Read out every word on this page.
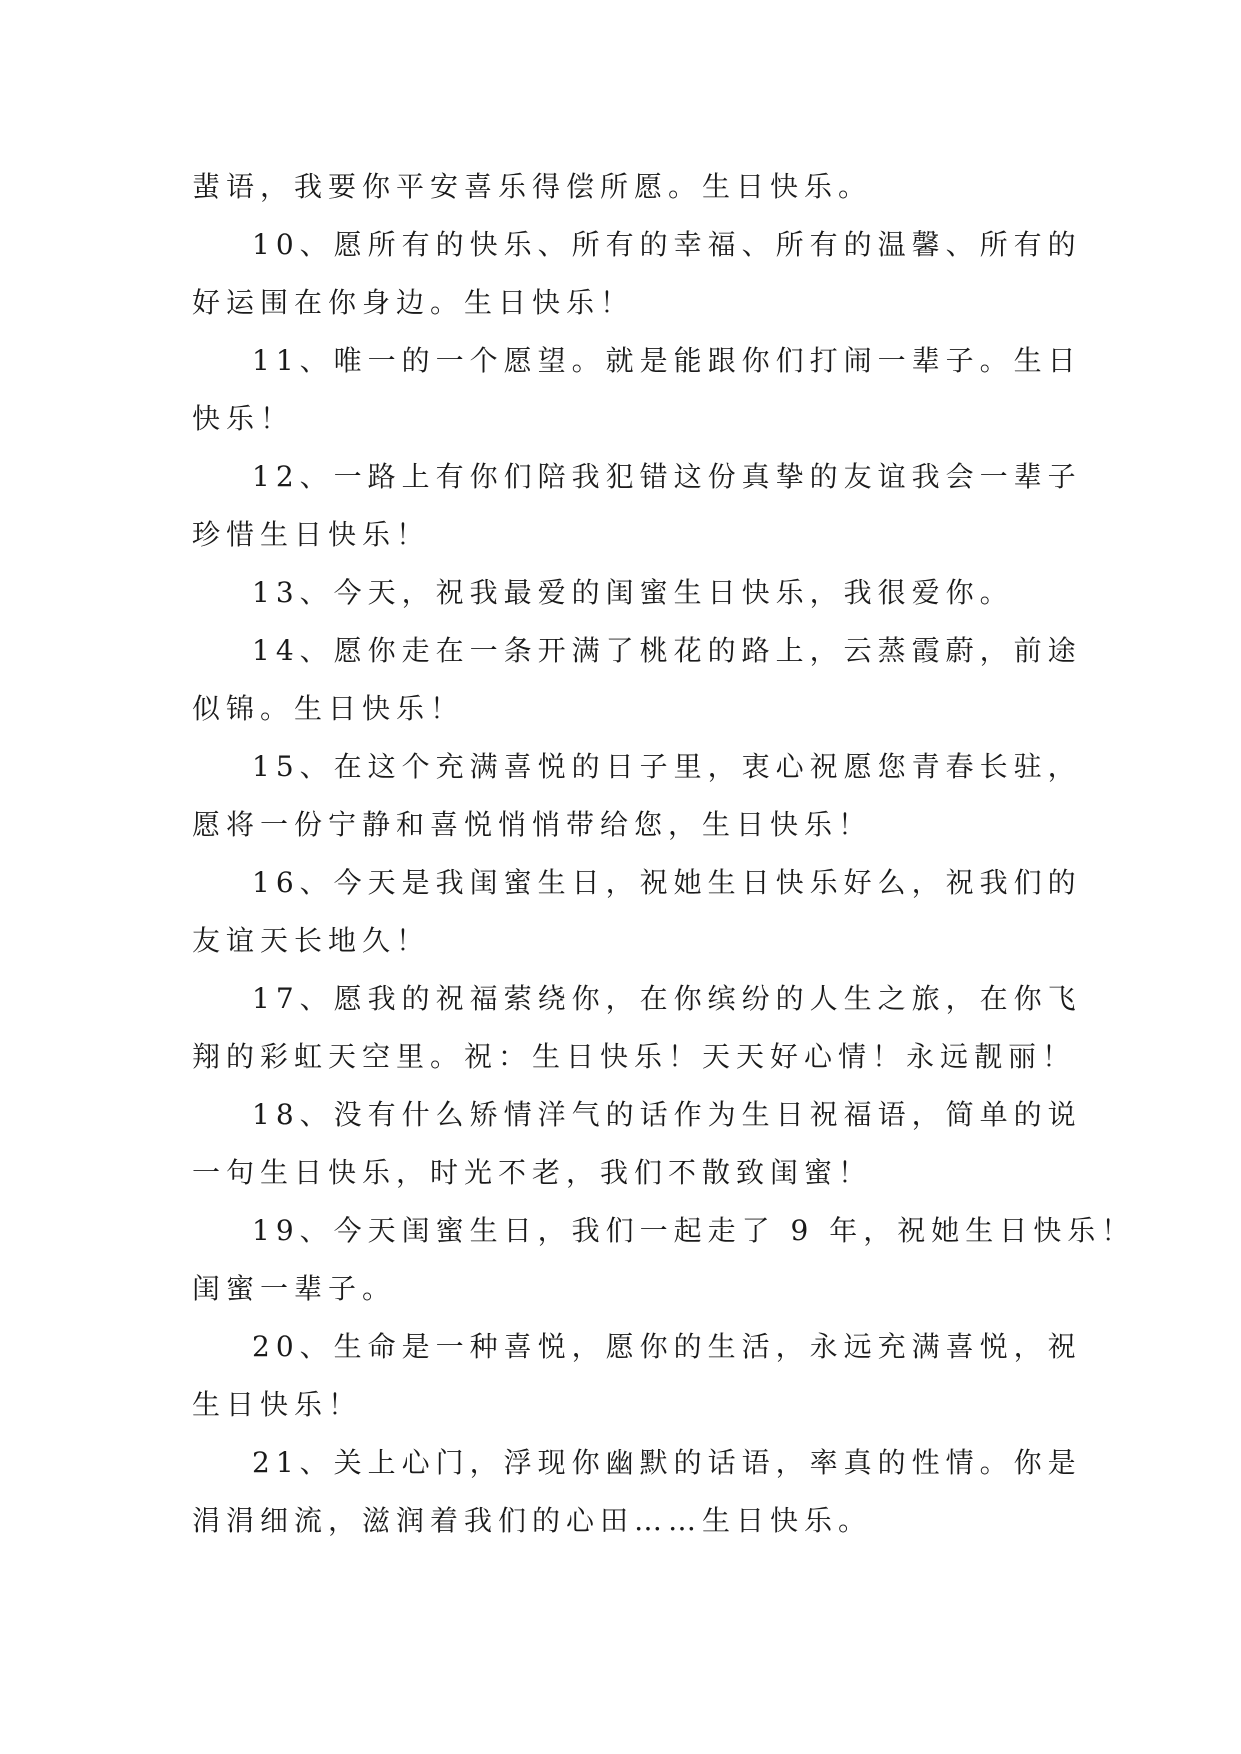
蜚语，我要你平安喜乐得偿所愿。生日快乐。
10、愿所有的快乐、所有的幸福、所有的温馨、所有的
好运围在你身边。生日快乐！
11、唯一的一个愿望。就是能跟你们打闹一辈子。生日
快乐！
12、一路上有你们陪我犯错这份真挚的友谊我会一辈子
珍惜生日快乐！
13、今天，祝我最爱的闺蜜生日快乐，我很爱你。
14、愿你走在一条开满了桃花的路上，云蒸霞蔚，前途
似锦。生日快乐！
15、在这个充满喜悦的日子里，衷心祝愿您青春长驻，
愿将一份宁静和喜悦悄悄带给您，生日快乐！
16、今天是我闺蜜生日，祝她生日快乐好么，祝我们的
友谊天长地久！
17、愿我的祝福萦绕你，在你缤纷的人生之旅，在你飞
翔的彩虹天空里。祝：生日快乐！天天好心情！永远靓丽！
18、没有什么矫情洋气的话作为生日祝福语，简单的说
一句生日快乐，时光不老，我们不散致闺蜜！
19、今天闺蜜生日，我们一起走了 9 年，祝她生日快乐！
闺蜜一辈子。
20、生命是一种喜悦，愿你的生活，永远充满喜悦，祝
生日快乐！
21、关上心门，浮现你幽默的话语，率真的性情。你是
涓涓细流，滋润着我们的心田……生日快乐。
